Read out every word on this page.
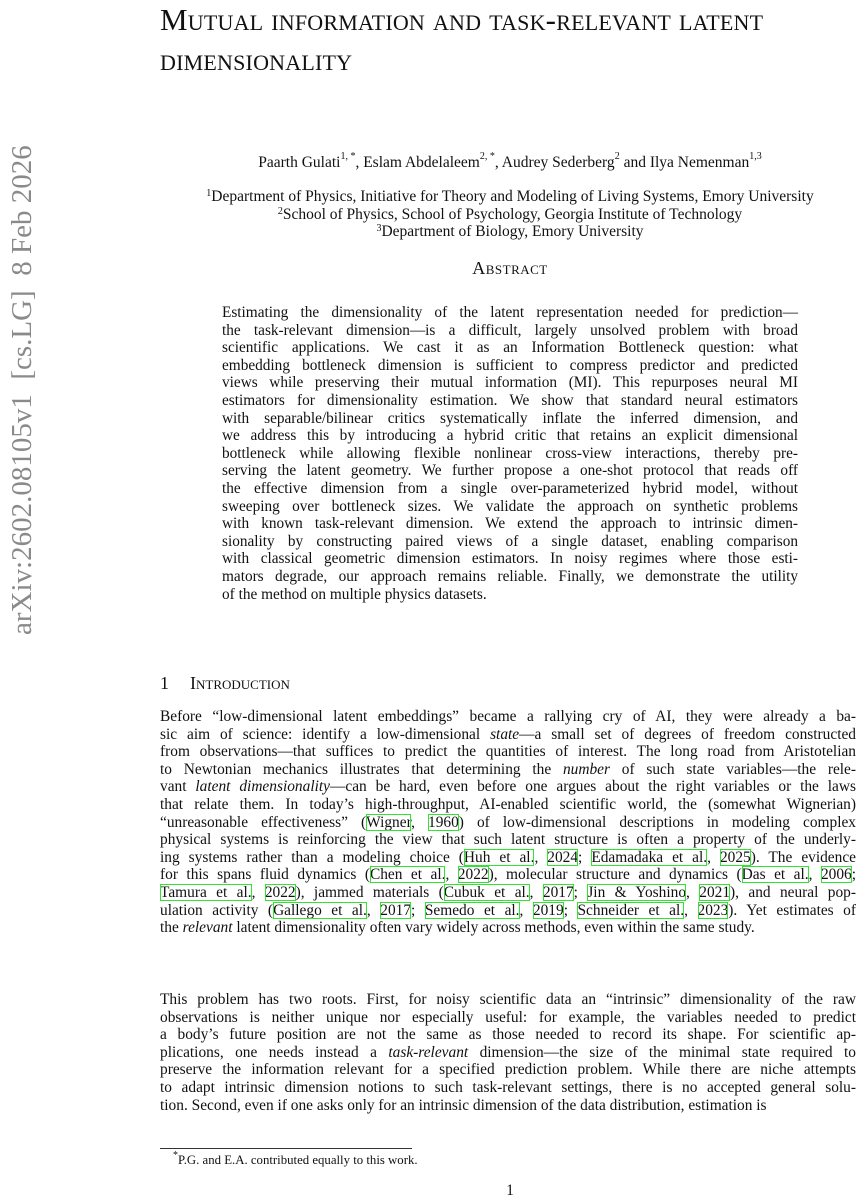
arXiv:2602.08105v1  [cs.LG]  8 Feb 2026
Mutual information and task-relevant latent
dimensionality
Paarth Gulati$^{1, *}$, Eslam Abdelaleem$^{2, *}$, Audrey Sederberg$^2$ and Ilya Nemenman$^{1,3}$
$^1$Department of Physics, Initiative for Theory and Modeling of Living Systems, Emory University
$^2$School of Physics, School of Psychology, Georgia Institute of Technology
$^3$Department of Biology, Emory University
Abstract
Estimating the dimensionality of the latent representation needed for prediction—
the task-relevant dimension—is a difficult, largely unsolved problem with broad
scientific applications. We cast it as an Information Bottleneck question: what
embedding bottleneck dimension is sufficient to compress predictor and predicted
views while preserving their mutual information (MI). This repurposes neural MI
estimators for dimensionality estimation. We show that standard neural estimators
with separable/bilinear critics systematically inflate the inferred dimension, and
we address this by introducing a hybrid critic that retains an explicit dimensional
bottleneck while allowing flexible nonlinear cross-view interactions, thereby pre-
serving the latent geometry. We further propose a one-shot protocol that reads off
the effective dimension from a single over-parameterized hybrid model, without
sweeping over bottleneck sizes. We validate the approach on synthetic problems
with known task-relevant dimension. We extend the approach to intrinsic dimen-
sionality by constructing paired views of a single dataset, enabling comparison
with classical geometric dimension estimators. In noisy regimes where those esti-
mators degrade, our approach remains reliable. Finally, we demonstrate the utility
of the method on multiple physics datasets.
1 Introduction
Before “low-dimensional latent embeddings” became a rallying cry of AI, they were already a ba-
sic aim of science: identify a low-dimensional state—a small set of degrees of freedom constructed
from observations—that suffices to predict the quantities of interest. The long road from Aristotelian
to Newtonian mechanics illustrates that determining the number of such state variables—the rele-
vant latent dimensionality—can be hard, even before one argues about the right variables or the laws
that relate them. In today’s high-throughput, AI-enabled scientific world, the (somewhat Wignerian)
“unreasonable effectiveness” (Wigner, 1960) of low-dimensional descriptions in modeling complex
physical systems is reinforcing the view that such latent structure is often a property of the underly-
ing systems rather than a modeling choice (Huh et al., 2024; Edamadaka et al., 2025). The evidence
for this spans fluid dynamics (Chen et al., 2022), molecular structure and dynamics (Das et al., 2006;
Tamura et al., 2022), jammed materials (Cubuk et al., 2017; Jin & Yoshino, 2021), and neural pop-
ulation activity (Gallego et al., 2017; Semedo et al., 2019; Schneider et al., 2023). Yet estimates of
the relevant latent dimensionality often vary widely across methods, even within the same study.
This problem has two roots. First, for noisy scientific data an “intrinsic” dimensionality of the raw
observations is neither unique nor especially useful: for example, the variables needed to predict
a body’s future position are not the same as those needed to record its shape. For scientific ap-
plications, one needs instead a task-relevant dimension—the size of the minimal state required to
preserve the information relevant for a specified prediction problem. While there are niche attempts
to adapt intrinsic dimension notions to such task-relevant settings, there is no accepted general solu-
tion. Second, even if one asks only for an intrinsic dimension of the data distribution, estimation is
*P.G. and E.A. contributed equally to this work.
1
